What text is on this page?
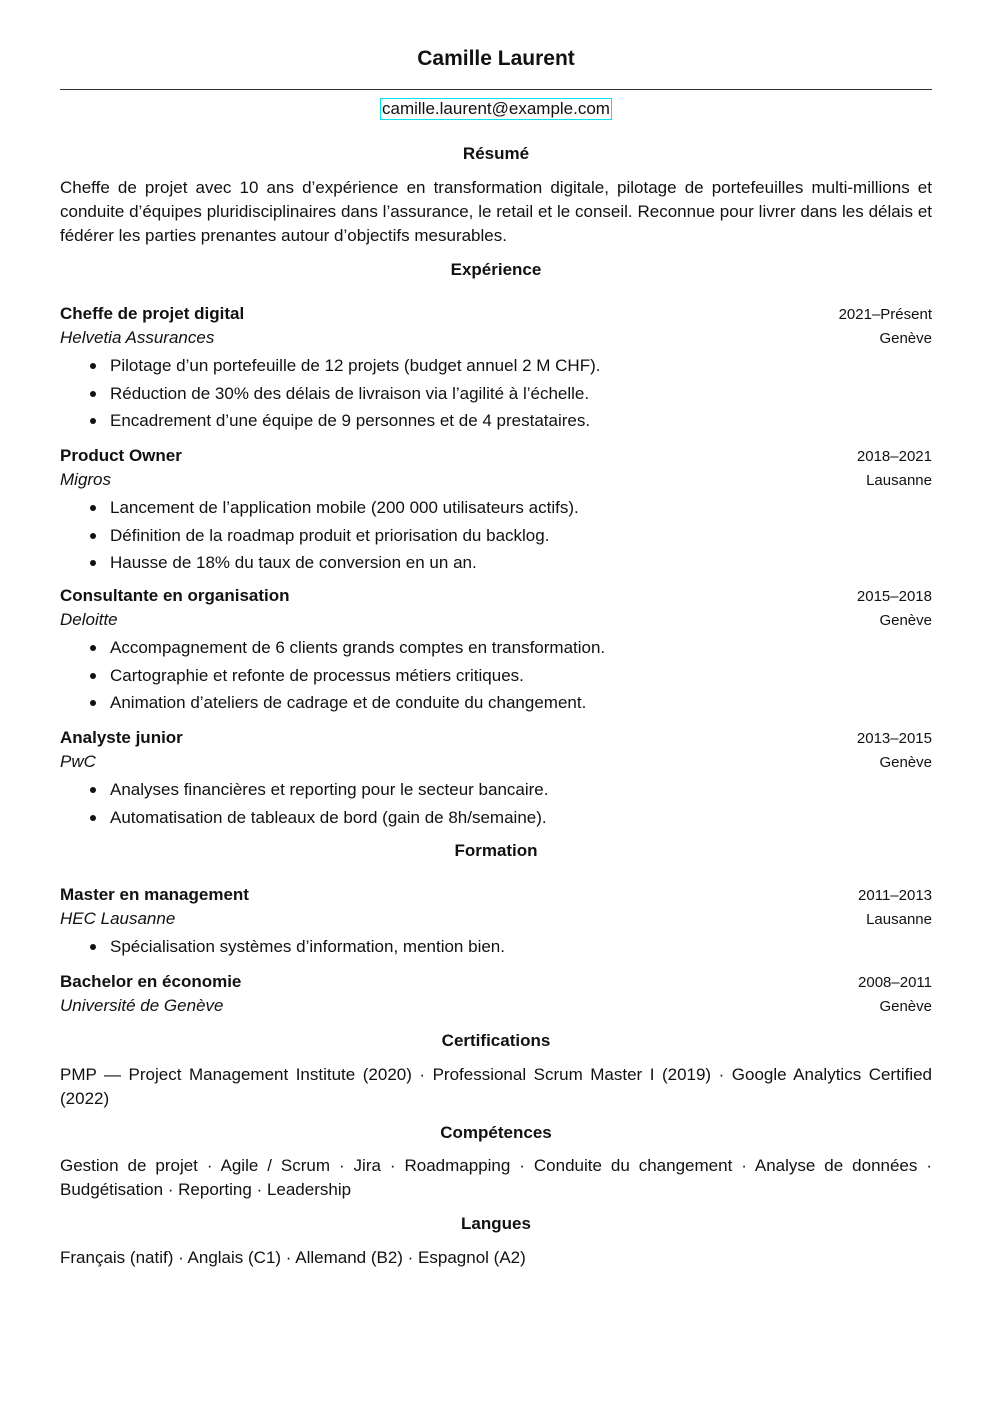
Camille Laurent
camille.laurent@example.com
Résumé
Cheffe de projet avec 10 ans d’expérience en transformation digitale, pilotage de portefeuilles multi-millions et conduite d’équipes pluridisciplinaires dans l’assurance, le retail et le conseil. Reconnue pour livrer dans les délais et fédérer les parties prenantes autour d’objectifs mesurables.
Expérience
Cheffe de projet digital	2021–Présent
Helvetia Assurances	Genève
Pilotage d’un portefeuille de 12 projets (budget annuel 2 M CHF).
Réduction de 30% des délais de livraison via l’agilité à l’échelle.
Encadrement d’une équipe de 9 personnes et de 4 prestataires.
Product Owner	2018–2021
Migros	Lausanne
Lancement de l’application mobile (200 000 utilisateurs actifs).
Définition de la roadmap produit et priorisation du backlog.
Hausse de 18% du taux de conversion en un an.
Consultante en organisation	2015–2018
Deloitte	Genève
Accompagnement de 6 clients grands comptes en transformation.
Cartographie et refonte de processus métiers critiques.
Animation d’ateliers de cadrage et de conduite du changement.
Analyste junior	2013–2015
PwC	Genève
Analyses financières et reporting pour le secteur bancaire.
Automatisation de tableaux de bord (gain de 8h/semaine).
Formation
Master en management	2011–2013
HEC Lausanne	Lausanne
Spécialisation systèmes d’information, mention bien.
Bachelor en économie	2008–2011
Université de Genève	Genève
Certifications
PMP — Project Management Institute (2020) · Professional Scrum Master I (2019) · Google Analytics Certified (2022)
Compétences
Gestion de projet · Agile / Scrum · Jira · Roadmapping · Conduite du changement · Analyse de données · Budgétisation · Reporting · Leadership
Langues
Français (natif) · Anglais (C1) · Allemand (B2) · Espagnol (A2)
